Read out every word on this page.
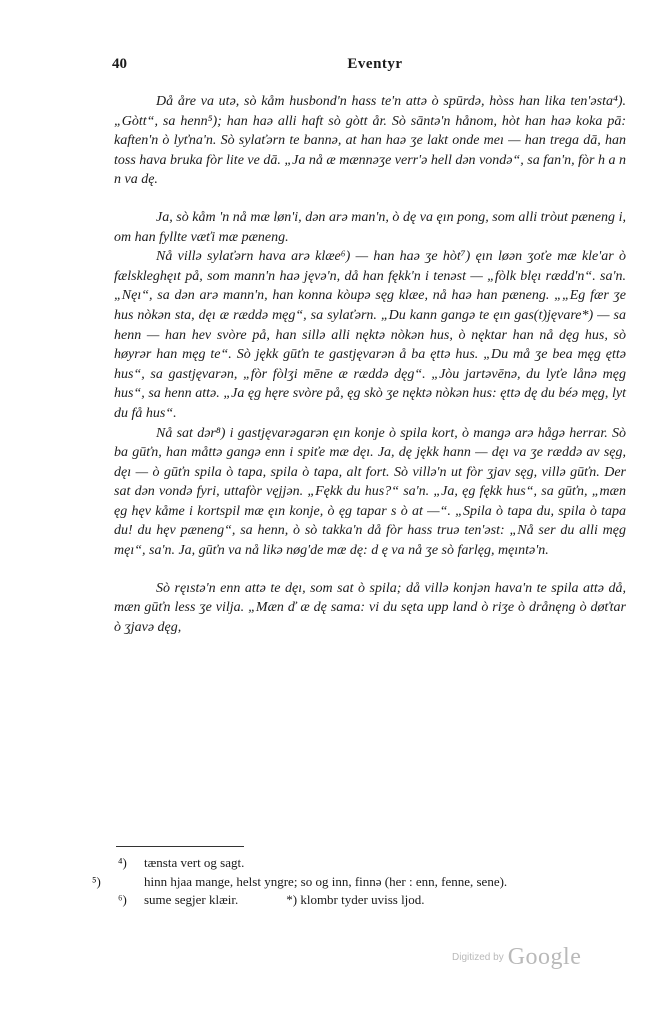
40	Eventyr

Då åre va utə, sò kåm husbond'n hass te'n attə ò spūrdə, hòss han lika ten'əsta⁴). „Gòtt“, sa henn⁵); han haə alli haft sò gòtt år. Sò sāntə'n hånom, hòt han haə koka pā: kaften'n ò lyťna'n. Sò sylaťərn te bannə, at han haə ʒe lakt onde meı — han trega dā, han toss hava bruka fòr lite ve dā. „Ja nå æ mænnəʒe verr'ə hell dən vondə“, sa fan'n, fòr h a n n va dę.

Ja, sò kåm 'n nå mæ løn'i, dən arə man'n, ò dę va ęın pong, som alli tròut pæneng i, om han fyllte væťi mæ pæneng.

Nå villə sylaťərn hava arə klæe⁶) — han haə ʒe hòt⁷) ęın løən ʒoťe mæ kle'ar ò fælskleghęıt på, som mann'n haə jęvə'n, då han fękk'n i tenəst — „fòlk blęı rædd'n“. sa'n. „Nęı“, sa dən arə mann'n, han konna kòupə sęg klæe, nå haə han pæneng. „„Eg fær ʒe hus nòkən sta, dęı æ ræddə męg“, sa sylaťərn. „Du kann gangə te ęın gas(t)jęvare*) — sa henn — han hev svòre på, han sillə alli nęktə nòkən hus, ò nęktar han nå dęg hus, sò høyrər han męg te“. Sò jękk gūťn te gastjęvarən å ba ęttə hus. „Du må ʒe bea męg ęttə hus“, sa gastjęvarən, „fòr fòlʒi mēne æ ræddə dęg“. „Jòu jartəvēnə, du lyťe lånə męg hus“, sa henn attə. „Ja ęg hęre svòre på, ęg skò ʒe nęktə nòkən hus: ęttə dę du béə męg, lyt du få hus“.

Nå sat dər⁸) i gastjęvarəgarən ęın konje ò spila kort, ò mangə arə hågə herrar. Sò ba gūťn, han måttə gangə enn i spiťe mæ dęı. Ja, dę jękk hann — dęı va ʒe ræddə av sęg, dęı — ò gūťn spila ò tapa, spila ò tapa, alt fort. Sò villə'n ut fòr ʒjav sęg, villə gūťn. Der sat dən vondə fyri, uttafòr vęjjən. „Fękk du hus?“ sa'n. „Ja, ęg fękk hus“, sa gūťn, „mæn ęg hęv kåme i kortspil mæ ęın konje, ò ęg tapar s ò at —“. „Spila ò tapa du, spila ò tapa du! du hęv pæneng“, sa henn, ò sò takka'n då fòr hass truə ten'əst: „Nå ser du alli męg męı“, sa'n. Ja, gūťn va nå likə nøg'de mæ dę: d ę va nå ʒe sò farlęg, męıntə'n.

Sò ręıstə'n enn attə te dęı, som sat ò spila; då villə konjən hava'n te spila attə då, mæn gūťn less ʒe vilja. „Mæn ď æ dę sama: vi du sęta upp land ò riʒe ò drånęng ò døťtar ò ʒjavə dęg,

⁴) tænsta vert og sagt.

⁵)	hinn hjaa mange, helst yngre; so og inn, finnə (her : enn, fenne, sene).

⁶) sume segjer klæir.	*) klombr tyder uviss ljod.

Digitized by Google
